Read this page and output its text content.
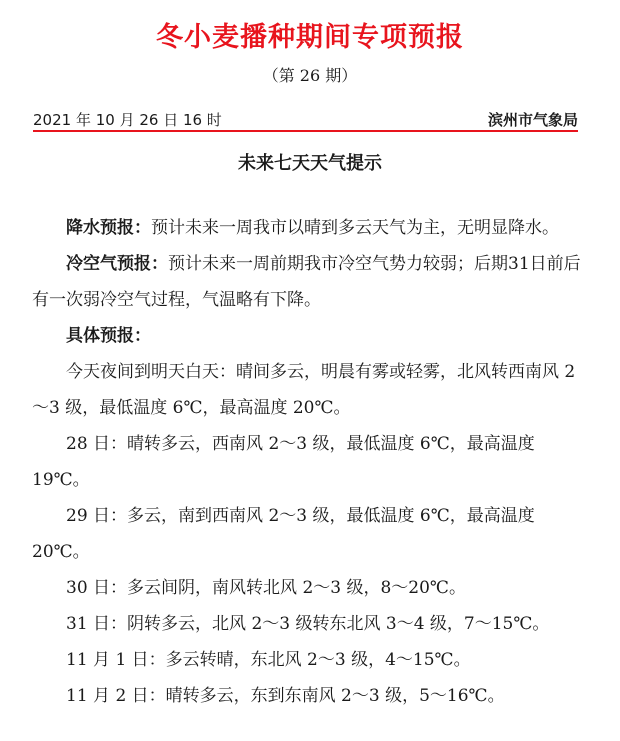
冬小麦播种期间专项预报
（第 26 期）
2021 年 10 月 26 日 16 时	滨州市气象局
未来七天天气提示

降水预报：预计未来一周我市以晴到多云天气为主，无明显降水。

冷空气预报：预计未来一周前期我市冷空气势力较弱；后期31日前后有一次弱冷空气过程，气温略有下降。

具体预报：

今天夜间到明天白天：晴间多云，明晨有雾或轻雾，北风转西南风 2～3 级，最低温度 6℃，最高温度 20℃。

28 日：晴转多云，西南风 2～3 级，最低温度 6℃，最高温度 19℃。

29 日：多云，南到西南风 2～3 级，最低温度 6℃，最高温度 20℃。

30 日：多云间阴，南风转北风 2～3 级，8～20℃。

31 日：阴转多云，北风 2～3 级转东北风 3～4 级，7～15℃。

11 月 1 日：多云转晴，东北风 2～3 级，4～15℃。

11 月 2 日：晴转多云，东到东南风 2～3 级，5～16℃。
